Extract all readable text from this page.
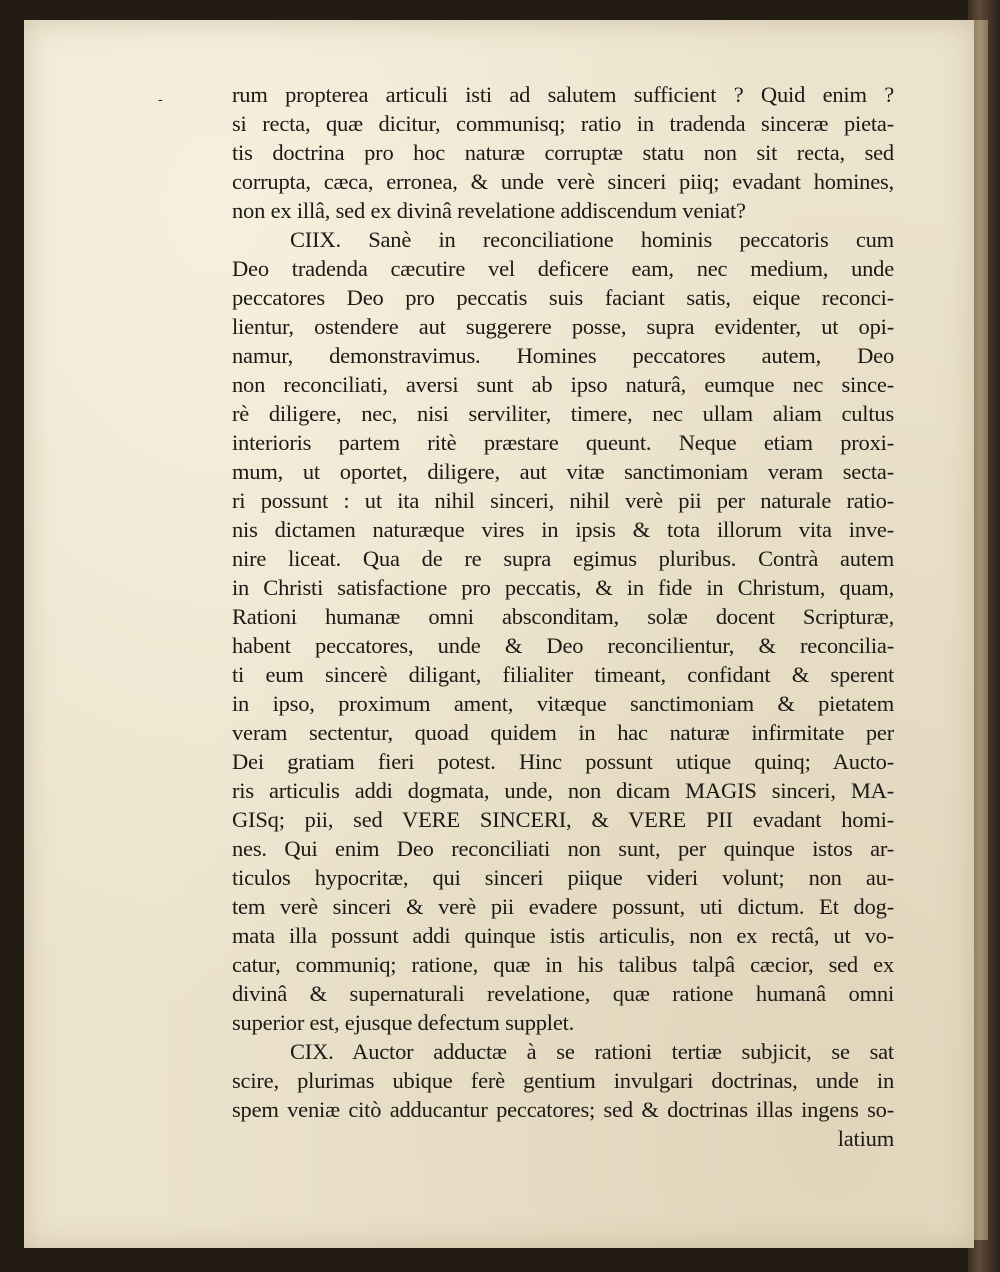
-	rum propterea articuli isti ad salutem sufficient ? Quid enim ?
si recta, quæ dicitur, communisq; ratio in tradenda sinceræ pieta-
tis doctrina pro hoc naturæ corruptæ statu non sit recta, sed
corrupta, cæca, erronea, & unde verè sinceri piiq; evadant homines,
non ex illâ, sed ex divinâ revelatione addiscendum veniat?
CIIX. Sanè in reconciliatione hominis peccatoris cum
Deo tradenda cæcutire vel deficere eam, nec medium, unde
peccatores Deo pro peccatis suis faciant satis, eique reconci-
lientur, ostendere aut suggerere posse, supra evidenter, ut opi-
namur, demonstravimus. Homines peccatores autem, Deo
non reconciliati, aversi sunt ab ipso naturâ, eumque nec since-
rè diligere, nec, nisi serviliter, timere, nec ullam aliam cultus
interioris partem ritè præstare queunt. Neque etiam proxi-
mum, ut oportet, diligere, aut vitæ sanctimoniam veram secta-
ri possunt : ut ita nihil sinceri, nihil verè pii per naturale ratio-
nis dictamen naturæque vires in ipsis & tota illorum vita inve-
nire liceat. Qua de re supra egimus pluribus. Contrà autem
in Christi satisfactione pro peccatis, & in fide in Christum, quam,
Rationi humanæ omni absconditam, solæ docent Scripturæ,
habent peccatores, unde & Deo reconcilientur, & reconcilia-
ti eum sincerè diligant, filialiter timeant, confidant & sperent
in ipso, proximum ament, vitæque sanctimoniam & pietatem
veram sectentur, quoad quidem in hac naturæ infirmitate per
Dei gratiam fieri potest. Hinc possunt utique quinq; Aucto-
ris articulis addi dogmata, unde, non dicam MAGIS sinceri, MA-
GISq; pii, sed VERE SINCERI, & VERE PII evadant homi-
nes. Qui enim Deo reconciliati non sunt, per quinque istos ar-
ticulos hypocritæ, qui sinceri piique videri volunt; non au-
tem verè sinceri & verè pii evadere possunt, uti dictum. Et dog-
mata illa possunt addi quinque istis articulis, non ex rectâ, ut vo-
catur, communiq; ratione, quæ in his talibus talpâ cæcior, sed ex
divinâ & supernaturali revelatione, quæ ratione humanâ omni
superior est, ejusque defectum supplet.
CIX. Auctor adductæ à se rationi tertiæ subjicit, se sat
scire, plurimas ubique ferè gentium invulgari doctrinas, unde in
spem veniæ citò adducantur peccatores; sed & doctrinas illas ingens so-
latium
